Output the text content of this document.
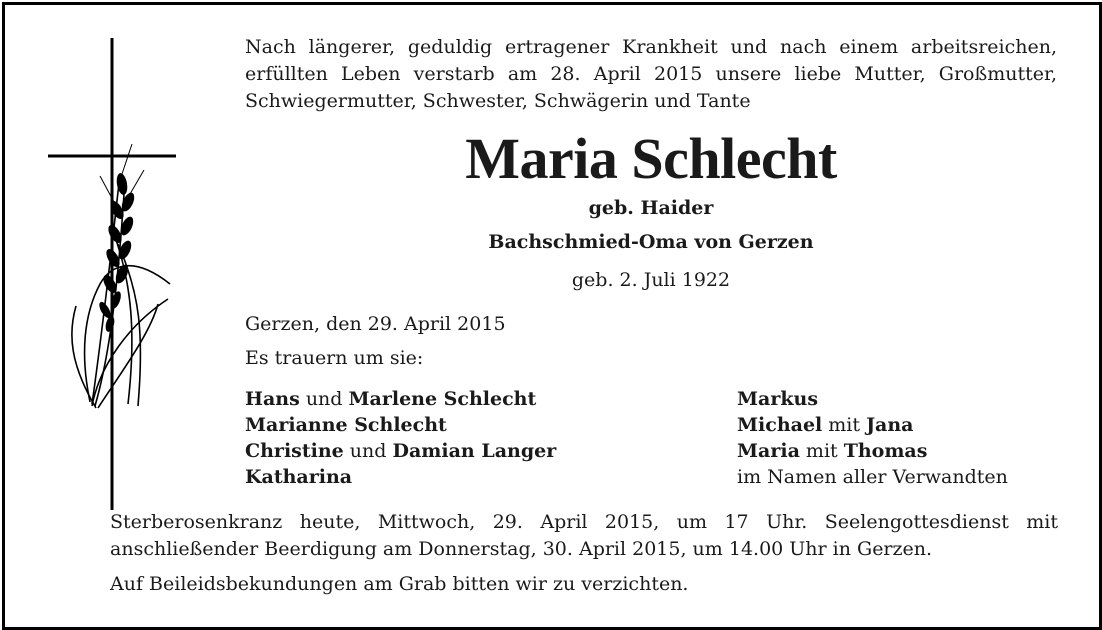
Nach längerer, geduldig ertragener Krankheit und nach einem arbeitsreichen, erfüllten Leben verstarb am 28. April 2015 unsere liebe Mutter, Großmutter, Schwiegermutter, Schwester, Schwägerin und Tante

Maria Schlecht

geb. Haider

Bachschmied-Oma von Gerzen

geb. 2. Juli 1922

Gerzen, den 29. April 2015

Es trauern um sie:

Hans und Marlene Schlecht
Marianne Schlecht
Christine und Damian Langer
Katharina
Markus
Michael mit Jana
Maria mit Thomas
im Namen aller Verwandten

Sterberosenkranz heute, Mittwoch, 29. April 2015, um 17 Uhr. Seelengottesdienst mit anschließender Beerdigung am Donnerstag, 30. April 2015, um 14.00 Uhr in Gerzen.

Auf Beileidsbekundungen am Grab bitten wir zu verzichten.
